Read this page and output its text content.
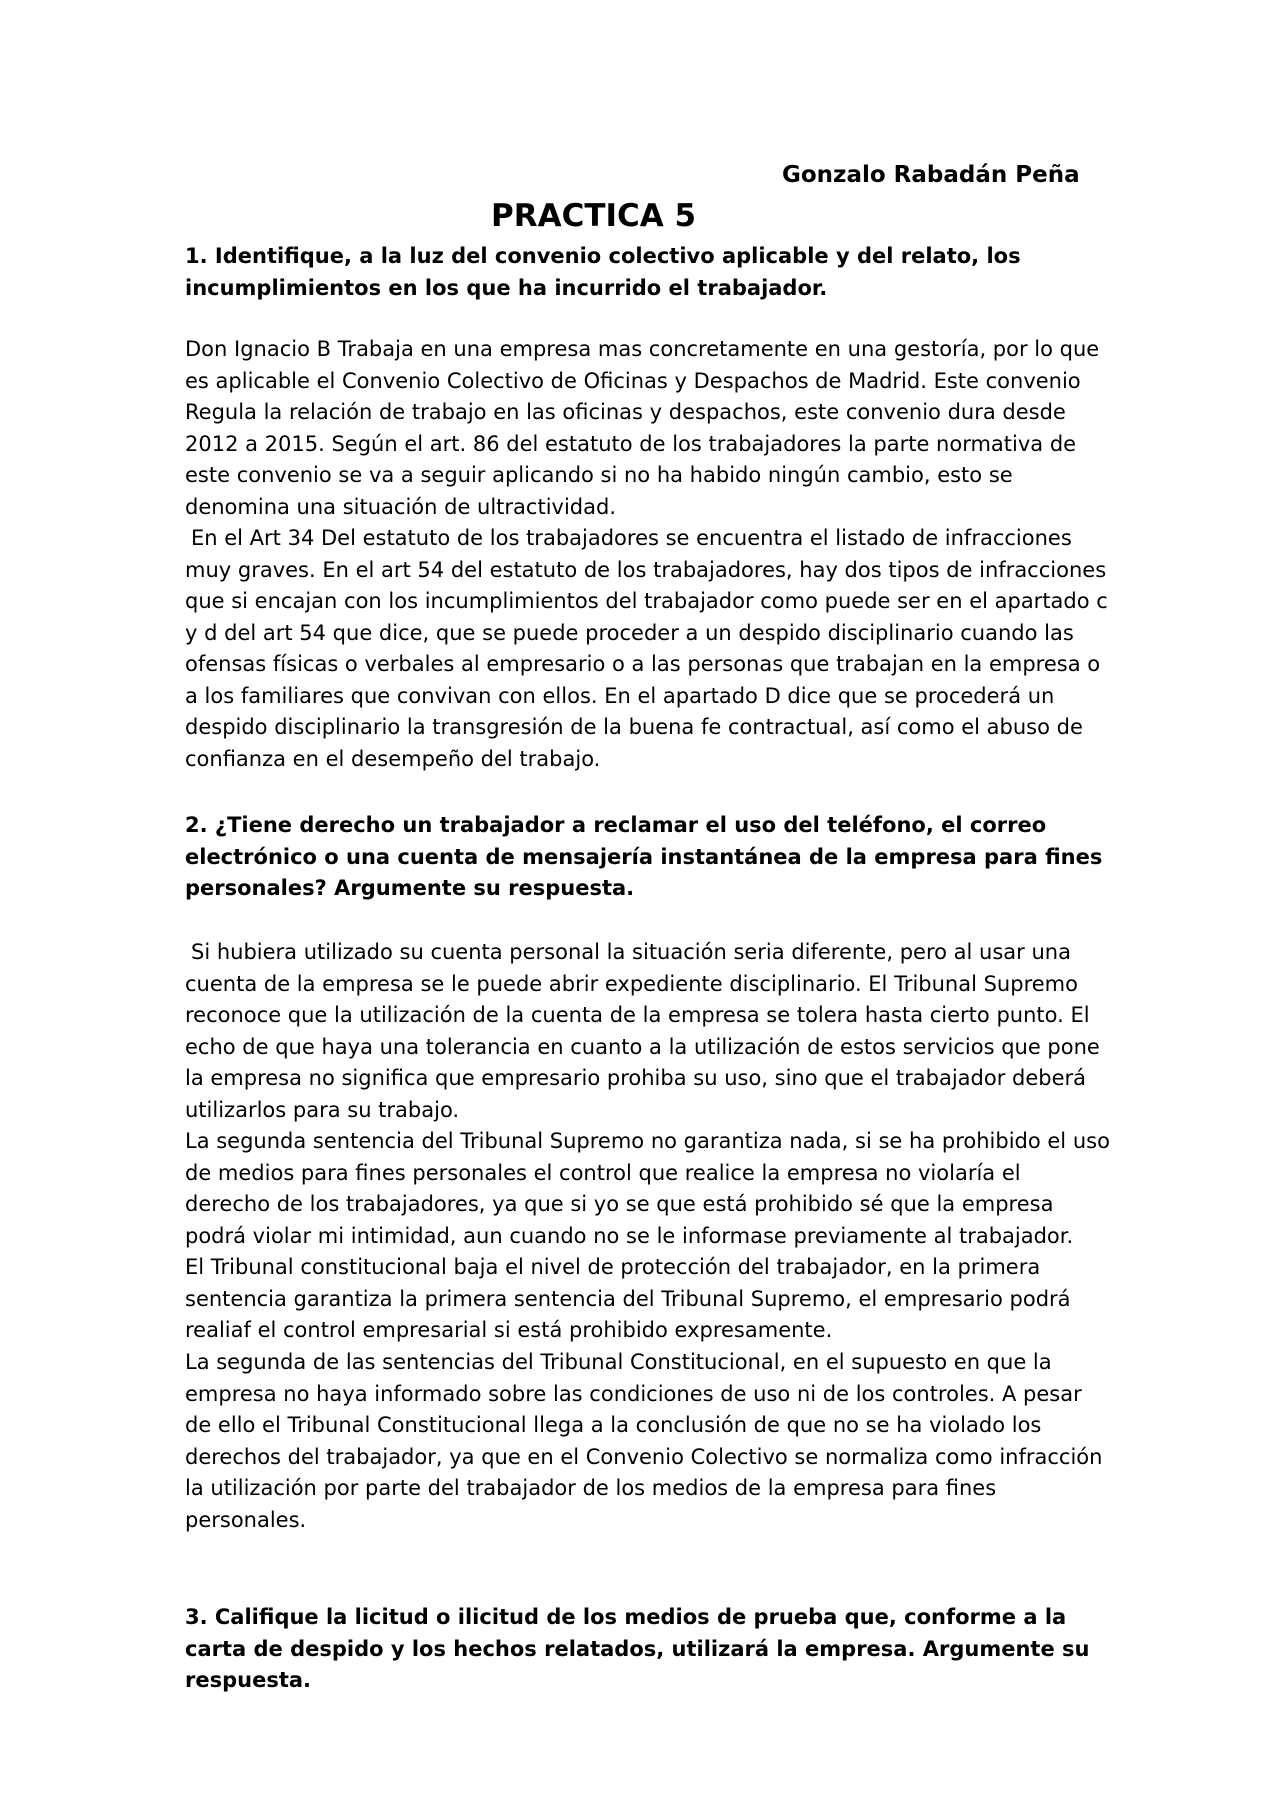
Gonzalo Rabadán Peña

PRACTICA 5

1. Identifique, a la luz del convenio colectivo aplicable y del relato, los incumplimientos en los que ha incurrido el trabajador.

Don Ignacio B Trabaja en una empresa mas concretamente en una gestoría, por lo que es aplicable el Convenio Colectivo de Oficinas y Despachos de Madrid. Este convenio Regula la relación de trabajo en las oficinas y despachos, este convenio dura desde 2012 a 2015. Según el art. 86 del estatuto de los trabajadores la parte normativa de este convenio se va a seguir aplicando si no ha habido ningún cambio, esto se denomina una situación de ultractividad.

En el Art 34 Del estatuto de los trabajadores se encuentra el listado de infracciones muy graves. En el art 54 del estatuto de los trabajadores, hay dos tipos de infracciones que si encajan con los incumplimientos del trabajador como puede ser en el apartado c y d del art 54 que dice, que se puede proceder a un despido disciplinario cuando las ofensas físicas o verbales al empresario o a las personas que trabajan en la empresa o a los familiares que convivan con ellos. En el apartado D dice que se procederá un despido disciplinario la transgresión de la buena fe contractual, así como el abuso de confianza en el desempeño del trabajo.

2. ¿Tiene derecho un trabajador a reclamar el uso del teléfono, el correo electrónico o una cuenta de mensajería instantánea de la empresa para fines personales? Argumente su respuesta.

Si hubiera utilizado su cuenta personal la situación seria diferente, pero al usar una cuenta de la empresa se le puede abrir expediente disciplinario. El Tribunal Supremo reconoce que la utilización de la cuenta de la empresa se tolera hasta cierto punto. El echo de que haya una tolerancia en cuanto a la utilización de estos servicios que pone la empresa no significa que empresario prohiba su uso, sino que el trabajador deberá utilizarlos para su trabajo.

La segunda sentencia del Tribunal Supremo no garantiza nada, si se ha prohibido el uso de medios para fines personales el control que realice la empresa no violaría el derecho de los trabajadores, ya que si yo se que está prohibido sé que la empresa podrá violar mi intimidad, aun cuando no se le informase previamente al trabajador.

El Tribunal constitucional baja el nivel de protección del trabajador, en la primera sentencia garantiza la primera sentencia del Tribunal Supremo, el empresario podrá realiaf el control empresarial si está prohibido expresamente.

La segunda de las sentencias del Tribunal Constitucional, en el supuesto en que la empresa no haya informado sobre las condiciones de uso ni de los controles. A pesar de ello el Tribunal Constitucional llega a la conclusión de que no se ha violado los derechos del trabajador, ya que en el Convenio Colectivo se normaliza como infracción la utilización por parte del trabajador de los medios de la empresa para fines personales.

3. Califique la licitud o ilicitud de los medios de prueba que, conforme a la carta de despido y los hechos relatados, utilizará la empresa. Argumente su respuesta.
